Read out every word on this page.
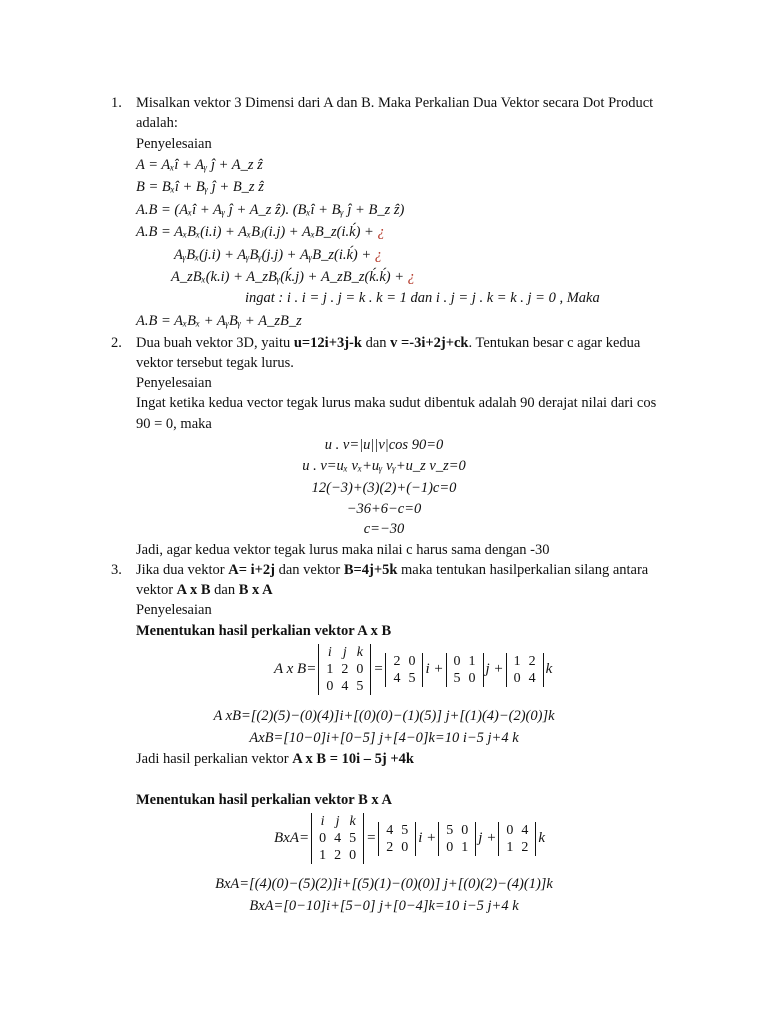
1. Misalkan vektor 3 Dimensi dari A dan B. Maka Perkalian Dua Vektor secara Dot Product
adalah:
Penyelesaian
A = Aₓî + Aᵧ ĵ + A_z ẑ
B = Bₓî + Bᵧ ĵ + B_z ẑ
A.B = (Aₓî + Aᵧ ĵ + A_z ẑ). (Bₓî + Bᵧ ĵ + B_z ẑ)
A.B = AₓBₓ(i.i) + AₓBⱼ(i.j) + AₓB_z(i.ḱ) + ¿
AᵧBₓ(j.i) + AᵧBᵧ(j.j) + AᵧB_z(i.ḱ) + ¿
A_zBₓ(k.i) + A_zBᵧ(ḱ.j) + A_zB_z(ḱ.ḱ) + ¿
ingat : i . i = j . j = k . k = 1 dan i . j = j . k = k . j = 0 , Maka
A.B = AₓBₓ + AᵧBᵧ + A_zB_z
2. Dua buah vektor 3D, yaitu u=12i+3j-k dan v =-3i+2j+ck. Tentukan besar c agar kedua
vektor tersebut tegak lurus.
Penyelesaian
Ingat ketika kedua vector tegak lurus maka sudut dibentuk adalah 90 derajat nilai dari cos
90 = 0, maka
u . v=|u||v|cos 90=0
u . v=uₓ vₓ+uᵧ vᵧ+u_z v_z=0
12(−3)+(3)(2)+(−1)c=0
−36+6−c=0
c=−30
Jadi, agar kedua vektor tegak lurus maka nilai c harus sama dengan -30
3. Jika dua vektor A= i+2j dan vektor B=4j+5k maka tentukan hasilperkalian silang antara
vektor A x B dan B x A
Penyelesaian
Menentukan hasil perkalian vektor A x B
A x B=
i	j	k
1	2	0
0	4	5
= 2	0
4	5
i + 0	1
5	0
j + 1	2
0	4
k
A xB=[(2)(5)−(0)(4)]i+[(0)(0)−(1)(5)] j+[(1)(4)−(2)(0)]k
AxB=[10−0]i+[0−5] j+[4−0]k=10 i−5 j+4 k
Jadi hasil perkalian vektor A x B = 10i – 5j +4k
Menentukan hasil perkalian vektor B x A
BxA=
i	j	k
0	4	5
1	2	0
= 4	5
2	0
i + 5	0
0	1
j + 0	4
1	2
k
BxA=[(4)(0)−(5)(2)]i+[(5)(1)−(0)(0)] j+[(0)(2)−(4)(1)]k
BxA=[0−10]i+[5−0] j+[0−4]k=10 i−5 j+4 k
